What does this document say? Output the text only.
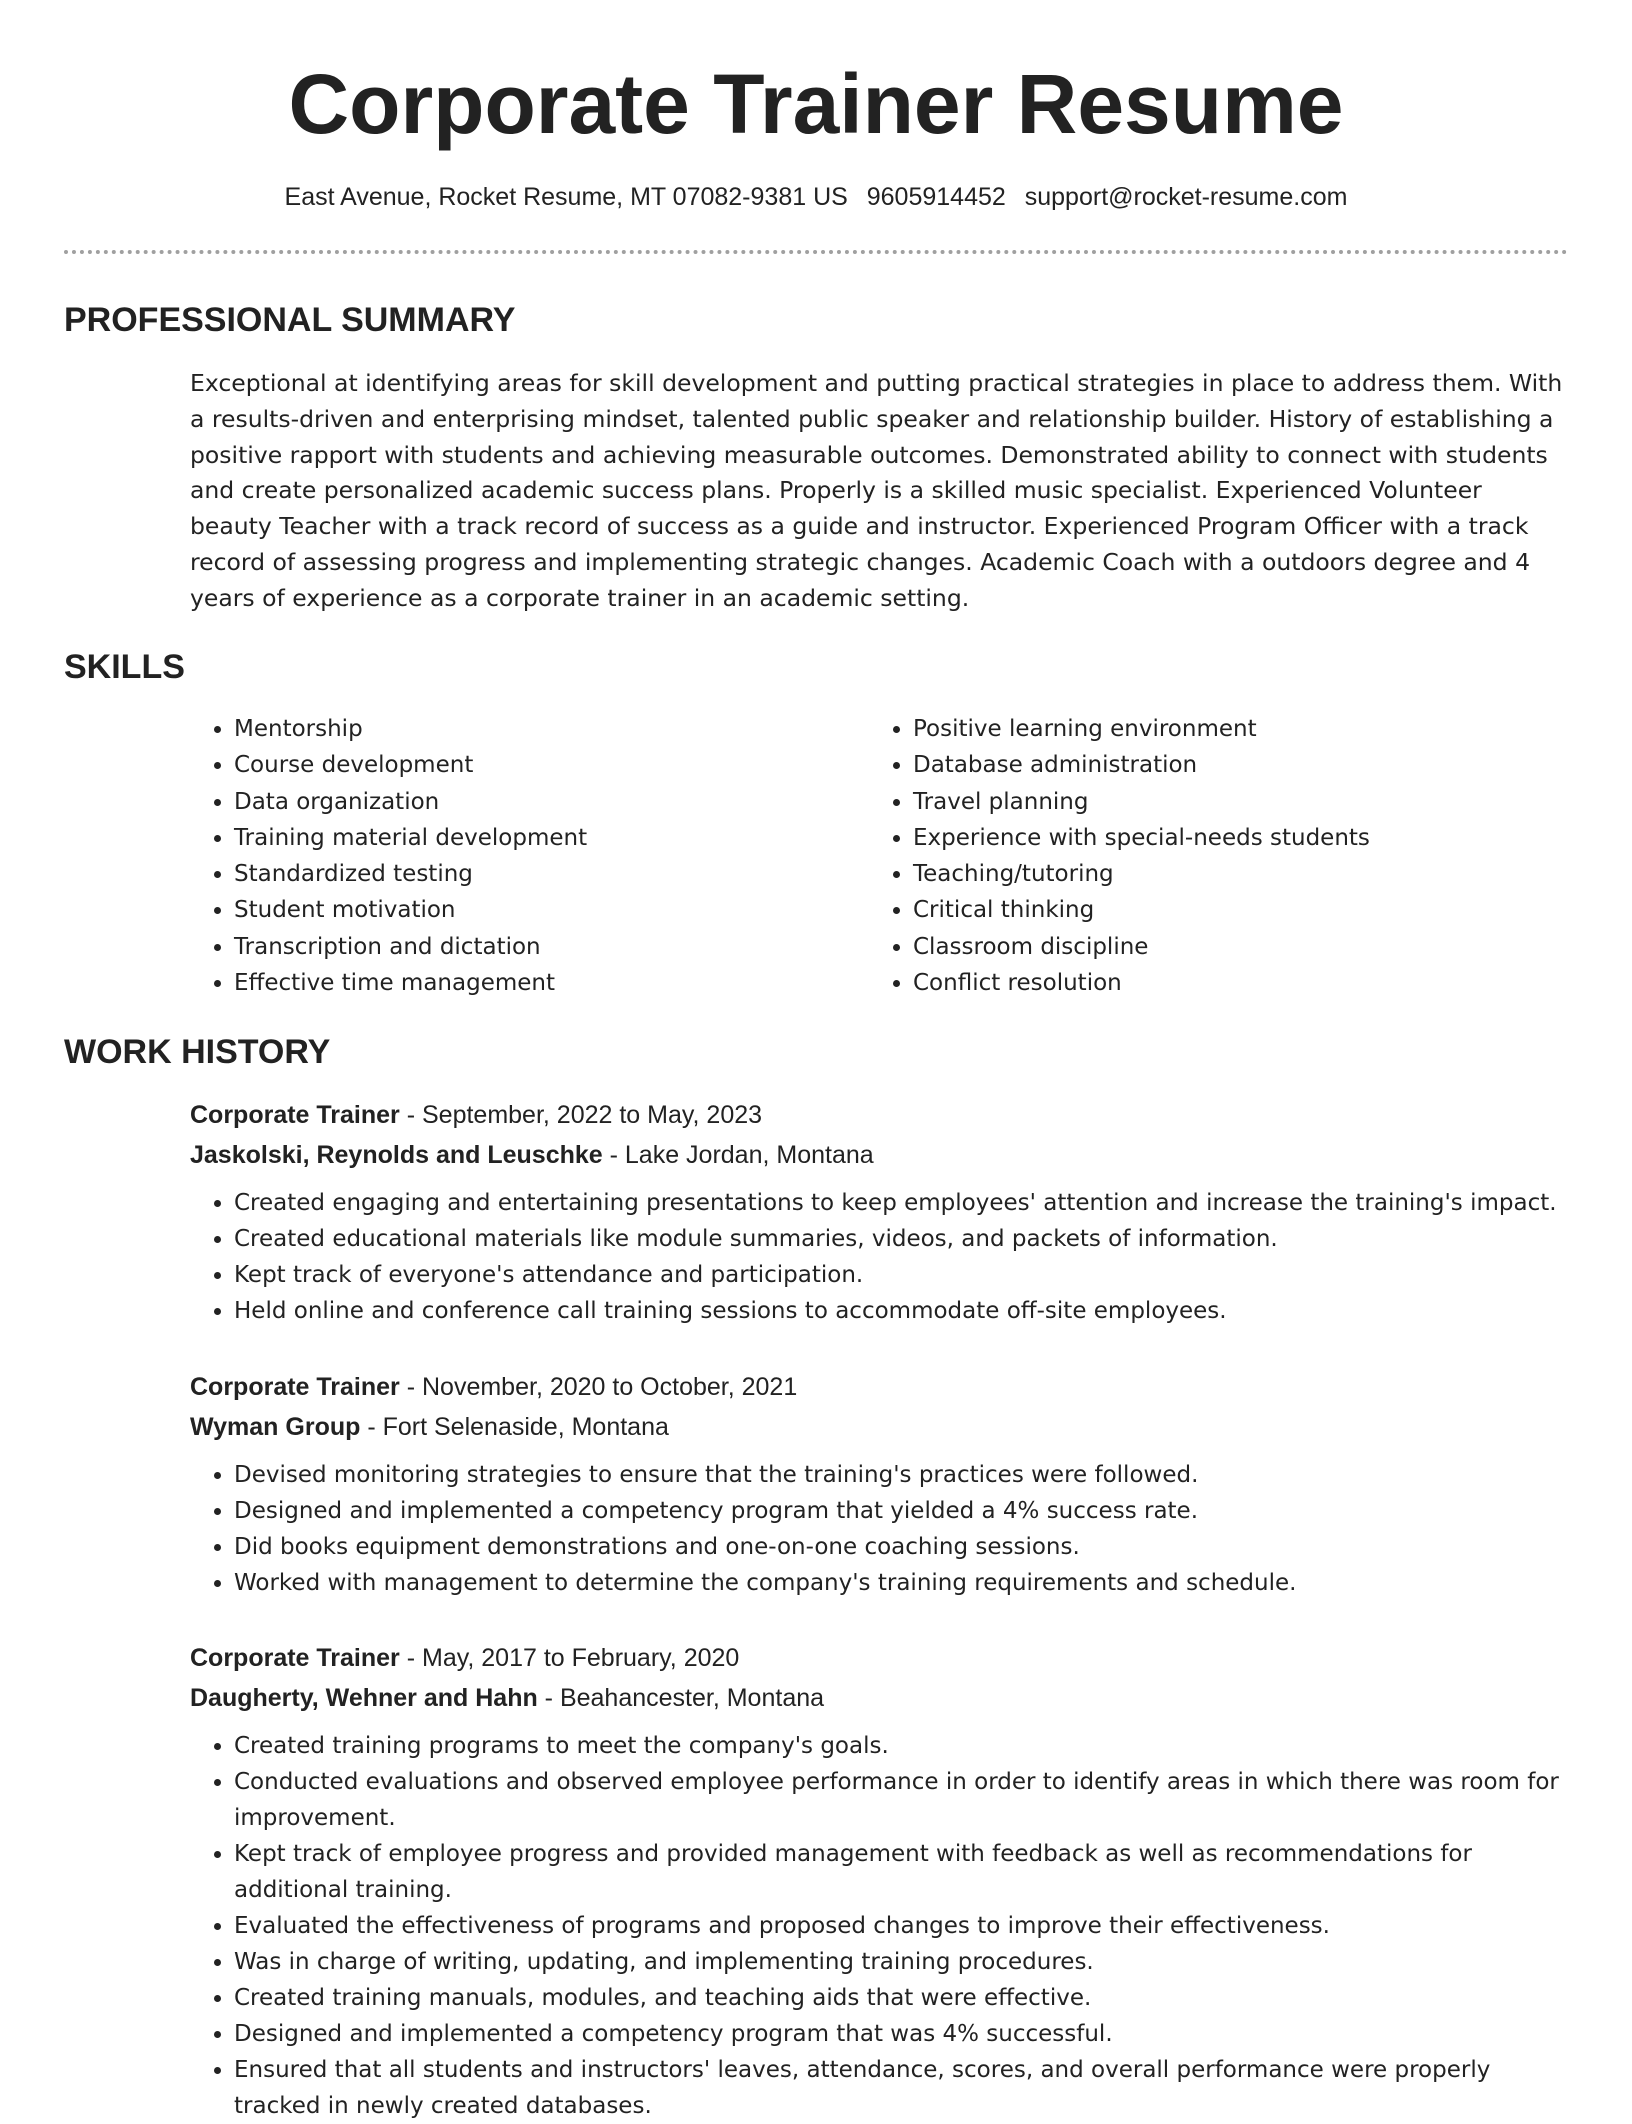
Corporate Trainer Resume
East Avenue, Rocket Resume, MT 07082-9381 US 9605914452 support@rocket-resume.com
PROFESSIONAL SUMMARY

Exceptional at identifying areas for skill development and putting practical strategies in place to address them. With a results-driven and enterprising mindset, talented public speaker and relationship builder. History of establishing a positive rapport with students and achieving measurable outcomes. Demonstrated ability to connect with students and create personalized academic success plans. Properly is a skilled music specialist. Experienced Volunteer beauty Teacher with a track record of success as a guide and instructor. Experienced Program Officer with a track record of assessing progress and implementing strategic changes. Academic Coach with a outdoors degree and 4 years of experience as a corporate trainer in an academic setting.

SKILLS
• Mentorship
• Course development
• Data organization
• Training material development
• Standardized testing
• Student motivation
• Transcription and dictation
• Effective time management
• Positive learning environment
• Database administration
• Travel planning
• Experience with special-needs students
• Teaching/tutoring
• Critical thinking
• Classroom discipline
• Conflict resolution
WORK HISTORY
Corporate Trainer - September, 2022 to May, 2023
Jaskolski, Reynolds and Leuschke - Lake Jordan, Montana
• Created engaging and entertaining presentations to keep employees' attention and increase the training's impact.
• Created educational materials like module summaries, videos, and packets of information.
• Kept track of everyone's attendance and participation.
• Held online and conference call training sessions to accommodate off-site employees.
Corporate Trainer - November, 2020 to October, 2021
Wyman Group - Fort Selenaside, Montana
• Devised monitoring strategies to ensure that the training's practices were followed.
• Designed and implemented a competency program that yielded a 4% success rate.
• Did books equipment demonstrations and one-on-one coaching sessions.
• Worked with management to determine the company's training requirements and schedule.
Corporate Trainer - May, 2017 to February, 2020
Daugherty, Wehner and Hahn - Beahancester, Montana
• Created training programs to meet the company's goals.
• Conducted evaluations and observed employee performance in order to identify areas in which there was room for improvement.
• Kept track of employee progress and provided management with feedback as well as recommendations for additional training.
• Evaluated the effectiveness of programs and proposed changes to improve their effectiveness.
• Was in charge of writing, updating, and implementing training procedures.
• Created training manuals, modules, and teaching aids that were effective.
• Designed and implemented a competency program that was 4% successful.
• Ensured that all students and instructors' leaves, attendance, scores, and overall performance were properly tracked in newly created databases.
